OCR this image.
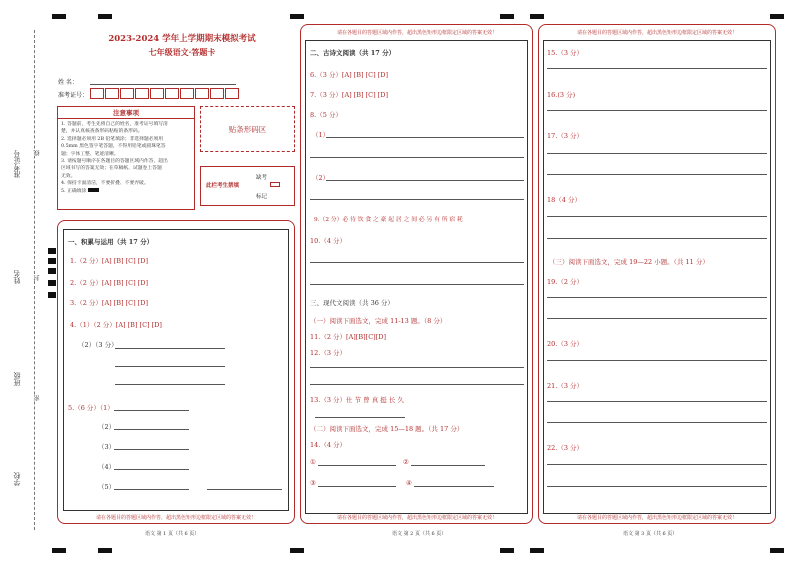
准考证号 线
姓名 封
班级
密
学校
2023-2024 学年上学期期末模拟考试
七年级语文·答题卡
姓 名：
准考证号：
注意事项
1. 答题前，考生先将自己的姓名，准考证号填写清
楚，并认真核查条形码粘贴的条形码。
2. 选择题必须用 2B 铅笔填涂；非选择题必须用
0.5mm 黑色签字笔答题，不得用铅笔或圆珠笔答
题；字体工整、笔迹清晰。
3. 请按题号顺序在各题目的答题区域内作答，超出
区域书写的答案无效；在草稿纸、试题卷上答题
无效。
4. 保持卡面清洁，不要折叠、不要弄破。
5. 正确填涂
贴条形码区
此栏考生禁填
缺考
标记
一、积累与运用（共 17 分）
1.（2 分）[A] [B] [C] [D]
2.（2 分）[A] [B] [C] [D]
3.（2 分）[A] [B] [C] [D]
4.（1）（2 分）[A] [B] [C] [D]
（2）（3 分）
5.（6 分）（1）
（2）
（3）
（4）
（5）
请在各题目的答题区域内作答，超出黑色矩形边框限定区域的答案无效！
语文 第 1 页（共 6 页）
请在各题目的答题区域内作答，超出黑色矩形边框限定区域的答案无效！
二、古诗文阅读（共 17 分）
6.（3 分）[A] [B] [C] [D]
7.（3 分）[A] [B] [C] [D]
8.（5 分）
（1）
（2）
9.（2 分）必 待 饮 食 之 豪 起 居 之 间 必 另 有 所 宿 耗
10.（4 分）
三、现代文阅读（共 36 分）
（一）阅读下面选文，完成 11-13 题。（8 分）
11.（2 分）[A][B][C][D]
12.（3 分）
13.（3 分）仕 节 曾 真 挺 长 久
（二）阅读下面选文，完成 15—18 题。（共 17 分）
14.（4 分）
①	②
③	④
请在各题目的答题区域内作答，超出黑色矩形边框限定区域的答案无效！
语文 第 2 页（共 6 页）
请在各题目的答题区域内作答，超出黑色矩形边框限定区域的答案无效！
15.（3 分）
16.(3 分)
17.（3 分）
18（4 分）
（三）阅读下面选文，完成 19—22 小题。（共 11 分）
19.（2 分）
20.（3 分）
21.（3 分）
22.（3 分）
请在各题目的答题区域内作答，超出黑色矩形边框限定区域的答案无效！
语文 第 3 页（共 6 页）
